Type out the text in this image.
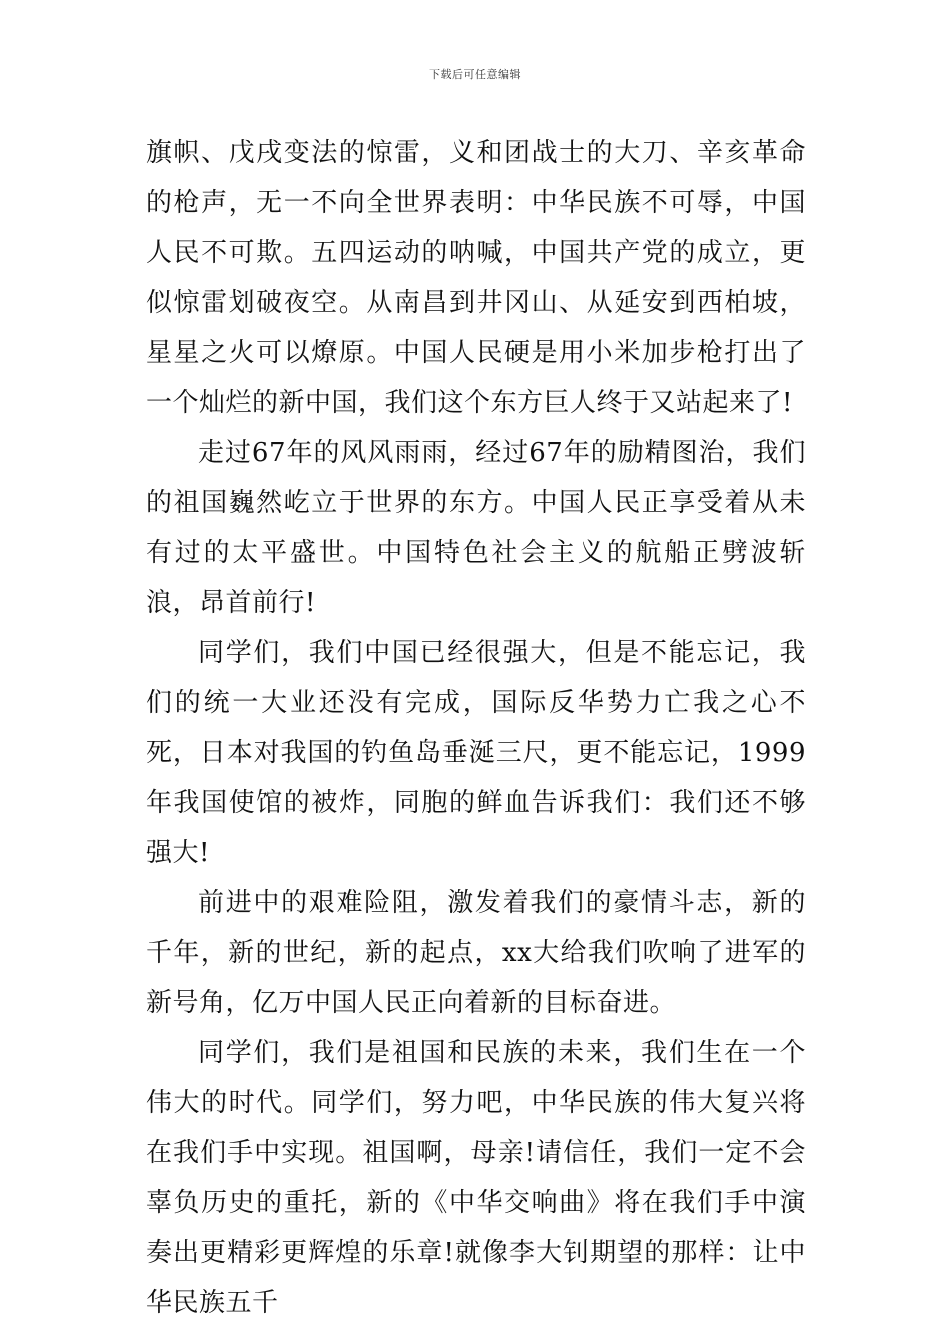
下载后可任意编辑

旗帜、戊戌变法的惊雷，义和团战士的大刀、辛亥革命的枪声，无一不向全世界表明：中华民族不可辱，中国人民不可欺。五四运动的呐喊，中国共产党的成立，更似惊雷划破夜空。从南昌到井冈山、从延安到西柏坡，星星之火可以燎原。中国人民硬是用小米加步枪打出了一个灿烂的新中国，我们这个东方巨人终于又站起来了!

走过67年的风风雨雨，经过67年的励精图治，我们的祖国巍然屹立于世界的东方。中国人民正享受着从未有过的太平盛世。中国特色社会主义的航船正劈波斩浪，昂首前行!

同学们，我们中国已经很强大，但是不能忘记，我们的统一大业还没有完成，国际反华势力亡我之心不死，日本对我国的钓鱼岛垂涎三尺，更不能忘记，1999年我国使馆的被炸，同胞的鲜血告诉我们：我们还不够强大!

前进中的艰难险阻，激发着我们的豪情斗志，新的千年，新的世纪，新的起点，xx大给我们吹响了进军的新号角，亿万中国人民正向着新的目标奋进。

同学们，我们是祖国和民族的未来，我们生在一个伟大的时代。同学们，努力吧，中华民族的伟大复兴将在我们手中实现。祖国啊，母亲!请信任，我们一定不会辜负历史的重托，新的《中华交响曲》将在我们手中演奏出更精彩更辉煌的乐章!就像李大钊期望的那样：让中华民族五千
